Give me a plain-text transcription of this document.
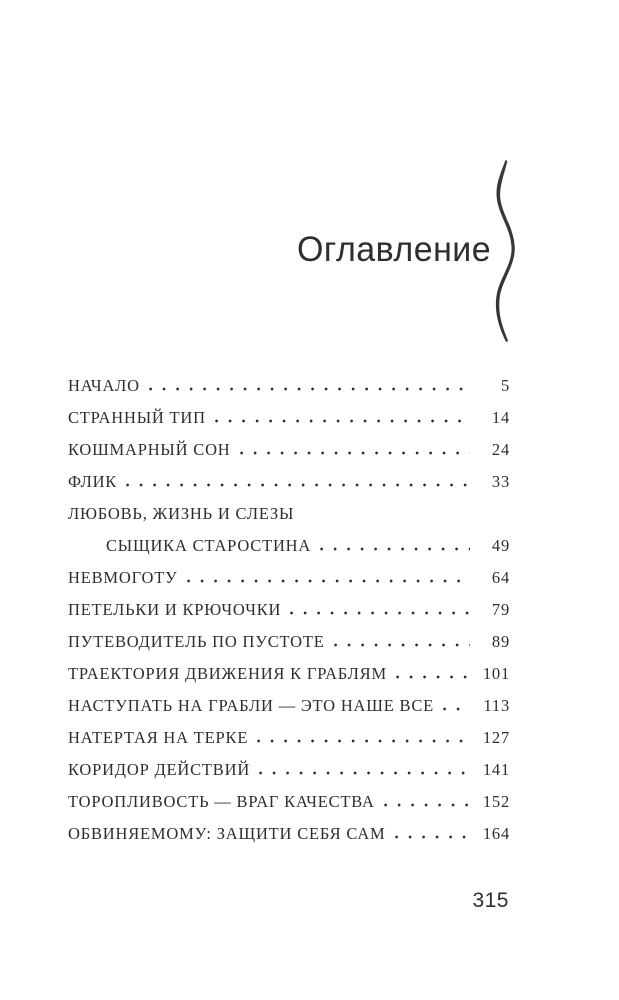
Оглавление
НАЧАЛО	5
СТРАННЫЙ ТИП	14
КОШМАРНЫЙ СОН	24
ФЛИК	33
ЛЮБОВЬ, ЖИЗНЬ И СЛЕЗЫ
СЫЩИКА СТАРОСТИНА	49
НЕВМОГОТУ	64
ПЕТЕЛЬКИ И КРЮЧОЧКИ	79
ПУТЕВОДИТЕЛЬ ПО ПУСТОТЕ	89
ТРАЕКТОРИЯ ДВИЖЕНИЯ К ГРАБЛЯМ	101
НАСТУПАТЬ НА ГРАБЛИ — ЭТО НАШЕ ВСЕ	113
НАТЕРТАЯ НА ТЕРКЕ	127
КОРИДОР ДЕЙСТВИЙ	141
ТОРОПЛИВОСТЬ — ВРАГ КАЧЕСТВА	152
ОБВИНЯЕМОМУ: ЗАЩИТИ СЕБЯ САМ	164
315
